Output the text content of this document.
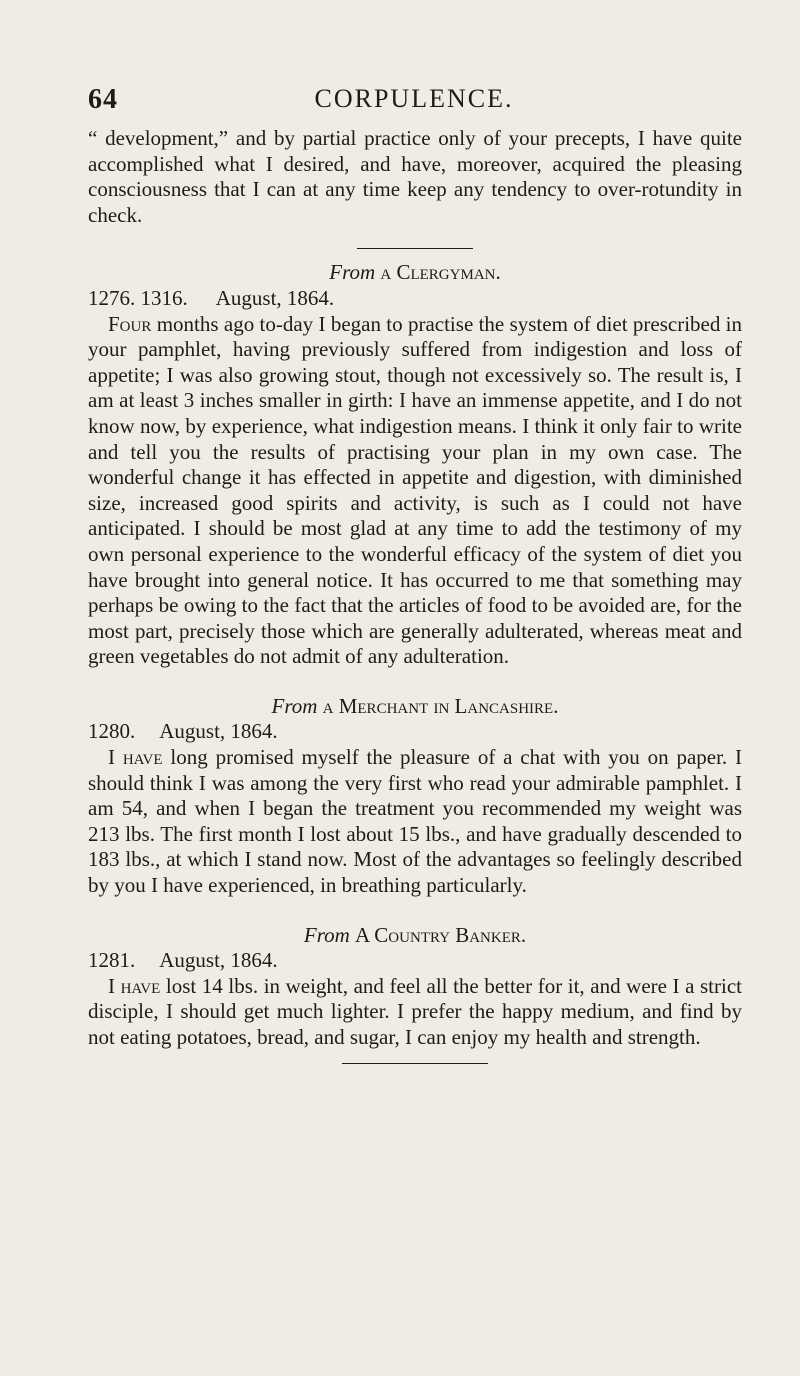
64	CORPULENCE.

“ development,” and by partial practice only of your precepts, I have quite accomplished what I desired, and have, moreover, acquired the pleasing consciousness that I can at any time keep any tendency to over-rotundity in check.

From a Clergyman.

1276. 1316. August, 1864.

Four months ago to-day I began to practise the system of diet prescribed in your pamphlet, having previously suffered from indigestion and loss of appetite; I was also growing stout, though not excessively so. The result is, I am at least 3 inches smaller in girth: I have an immense appetite, and I do not know now, by experience, what indigestion means. I think it only fair to write and tell you the results of practising your plan in my own case. The wonderful change it has effected in appetite and digestion, with diminished size, increased good spirits and activity, is such as I could not have anticipated. I should be most glad at any time to add the testimony of my own personal experience to the wonderful efficacy of the system of diet you have brought into general notice. It has occurred to me that something may perhaps be owing to the fact that the articles of food to be avoided are, for the most part, precisely those which are generally adulterated, whereas meat and green vegetables do not admit of any adulteration.

From a Merchant in Lancashire.

1280. August, 1864.

I have long promised myself the pleasure of a chat with you on paper. I should think I was among the very first who read your admirable pamphlet. I am 54, and when I began the treatment you recommended my weight was 213 lbs. The first month I lost about 15 lbs., and have gradually descended to 183 lbs., at which I stand now. Most of the advantages so feelingly described by you I have experienced, in breathing particularly.

From A Country Banker.

1281. August, 1864.

I have lost 14 lbs. in weight, and feel all the better for it, and were I a strict disciple, I should get much lighter. I prefer the happy medium, and find by not eating potatoes, bread, and sugar, I can enjoy my health and strength.
